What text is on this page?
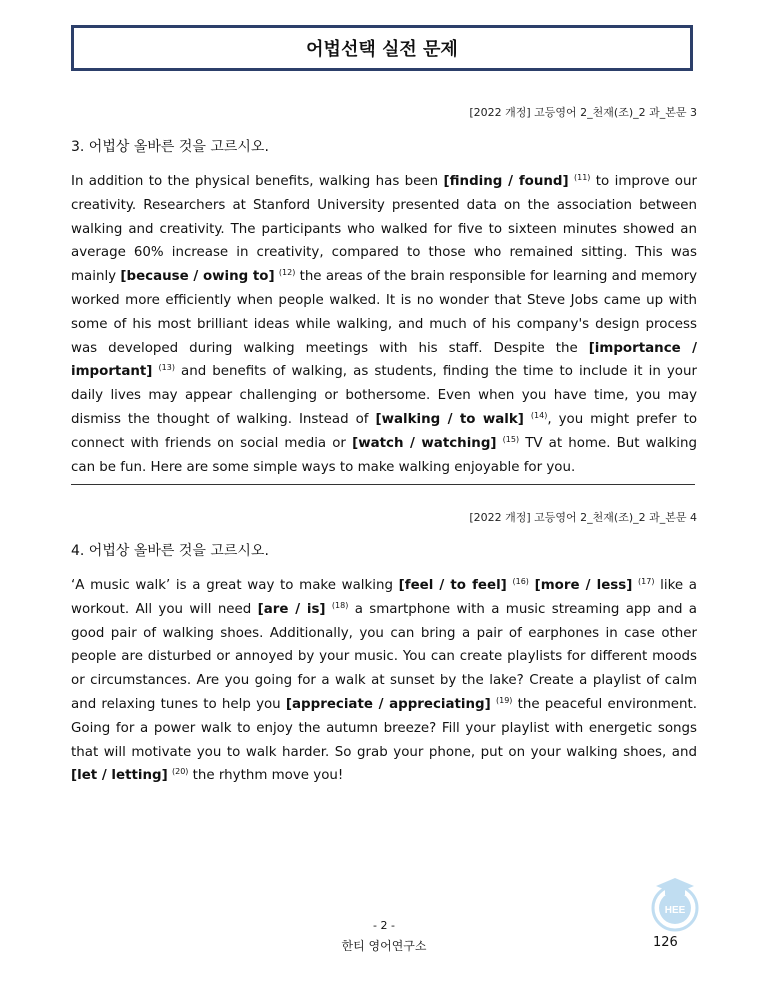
어법선택 실전 문제
[2022 개정] 고등영어 2_천재(조)_2 과_본문 3
3. 어법상 올바른 것을 고르시오.
In addition to the physical benefits, walking has been [finding / found] $^{(11)}$ to improve our creativity. Researchers at Stanford University presented data on the association between walking and creativity. The participants who walked for five to sixteen minutes showed an average 60% increase in creativity, compared to those who remained sitting. This was mainly [because / owing to] $^{(12)}$ the areas of the brain responsible for learning and memory worked more efficiently when people walked. It is no wonder that Steve Jobs came up with some of his most brilliant ideas while walking, and much of his company's design process was developed during walking meetings with his staff. Despite the [importance / important] $^{(13)}$ and benefits of walking, as students, finding the time to include it in your daily lives may appear challenging or bothersome. Even when you have time, you may dismiss the thought of walking. Instead of [walking / to walk] $^{(14)}$, you might prefer to connect with friends on social media or [watch / watching] $^{(15)}$ TV at home. But walking can be fun. Here are some simple ways to make walking enjoyable for you.
[2022 개정] 고등영어 2_천재(조)_2 과_본문 4
4. 어법상 올바른 것을 고르시오.
‘A music walk’ is a great way to make walking [feel / to feel] $^{(16)}$ [more / less] $^{(17)}$ like a workout. All you will need [are / is] $^{(18)}$ a smartphone with a music streaming app and a good pair of walking shoes. Additionally, you can bring a pair of earphones in case other people are disturbed or annoyed by your music. You can create playlists for different moods or circumstances. Are you going for a walk at sunset by the lake? Create a playlist of calm and relaxing tunes to help you [appreciate / appreciating] $^{(19)}$ the peaceful environment. Going for a power walk to enjoy the autumn breeze? Fill your playlist with energetic songs that will motivate you to walk harder. So grab your phone, put on your walking shoes, and [let / letting] $^{(20)}$ the rhythm move you!
HEE
- 2 -
한티 영어연구소	126
